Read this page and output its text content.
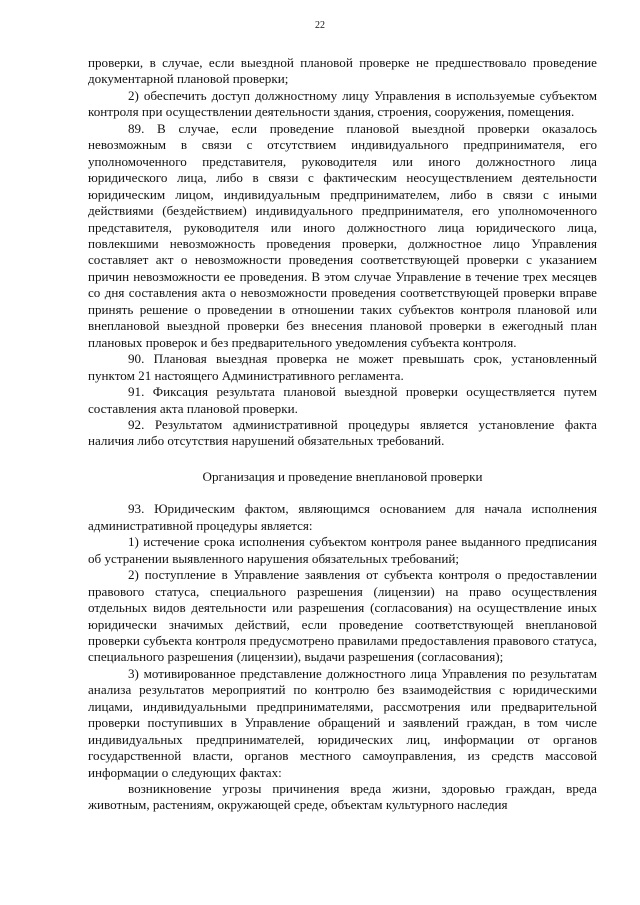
22

проверки, в случае, если выездной плановой проверке не предшествовало проведение документарной плановой проверки;

2) обеспечить доступ должностному лицу Управления в используемые субъектом контроля при осуществлении деятельности здания, строения, сооружения, помещения.

89. В случае, если проведение плановой выездной проверки оказалось невозможным в связи с отсутствием индивидуального предпринимателя, его уполномоченного представителя, руководителя или иного должностного лица юридического лица, либо в связи с фактическим неосуществлением деятельности юридическим лицом, индивидуальным предпринимателем, либо в связи с иными действиями (бездействием) индивидуального предпринимателя, его уполномоченного представителя, руководителя или иного должностного лица юридического лица, повлекшими невозможность проведения проверки, должностное лицо Управления составляет акт о невозможности проведения соответствующей проверки с указанием причин невозможности ее проведения. В этом случае Управление в течение трех месяцев со дня составления акта о невозможности проведения соответствующей проверки вправе принять решение о проведении в отношении таких субъектов контроля плановой или внеплановой выездной проверки без внесения плановой проверки в ежегодный план плановых проверок и без предварительного уведомления субъекта контроля.

90. Плановая выездная проверка не может превышать срок, установленный пунктом 21 настоящего Административного регламента.

91. Фиксация результата плановой выездной проверки осуществляется путем составления акта плановой проверки.

92. Результатом административной процедуры является установление факта наличия либо отсутствия нарушений обязательных требований.

Организация и проведение внеплановой проверки

93. Юридическим фактом, являющимся основанием для начала исполнения административной процедуры является:

1) истечение срока исполнения субъектом контроля ранее выданного предписания об устранении выявленного нарушения обязательных требований;

2) поступление в Управление заявления от субъекта контроля о предоставлении правового статуса, специального разрешения (лицензии) на право осуществления отдельных видов деятельности или разрешения (согласования) на осуществление иных юридически значимых действий, если проведение соответствующей внеплановой проверки субъекта контроля предусмотрено правилами предоставления правового статуса, специального разрешения (лицензии), выдачи разрешения (согласования);

3) мотивированное представление должностного лица Управления по результатам анализа результатов мероприятий по контролю без взаимодействия с юридическими лицами, индивидуальными предпринимателями, рассмотрения или предварительной проверки поступивших в Управление обращений и заявлений граждан, в том числе индивидуальных предпринимателей, юридических лиц, информации от органов государственной власти, органов местного самоуправления, из средств массовой информации о следующих фактах:

возникновение угрозы причинения вреда жизни, здоровью граждан, вреда животным, растениям, окружающей среде, объектам культурного наследия
